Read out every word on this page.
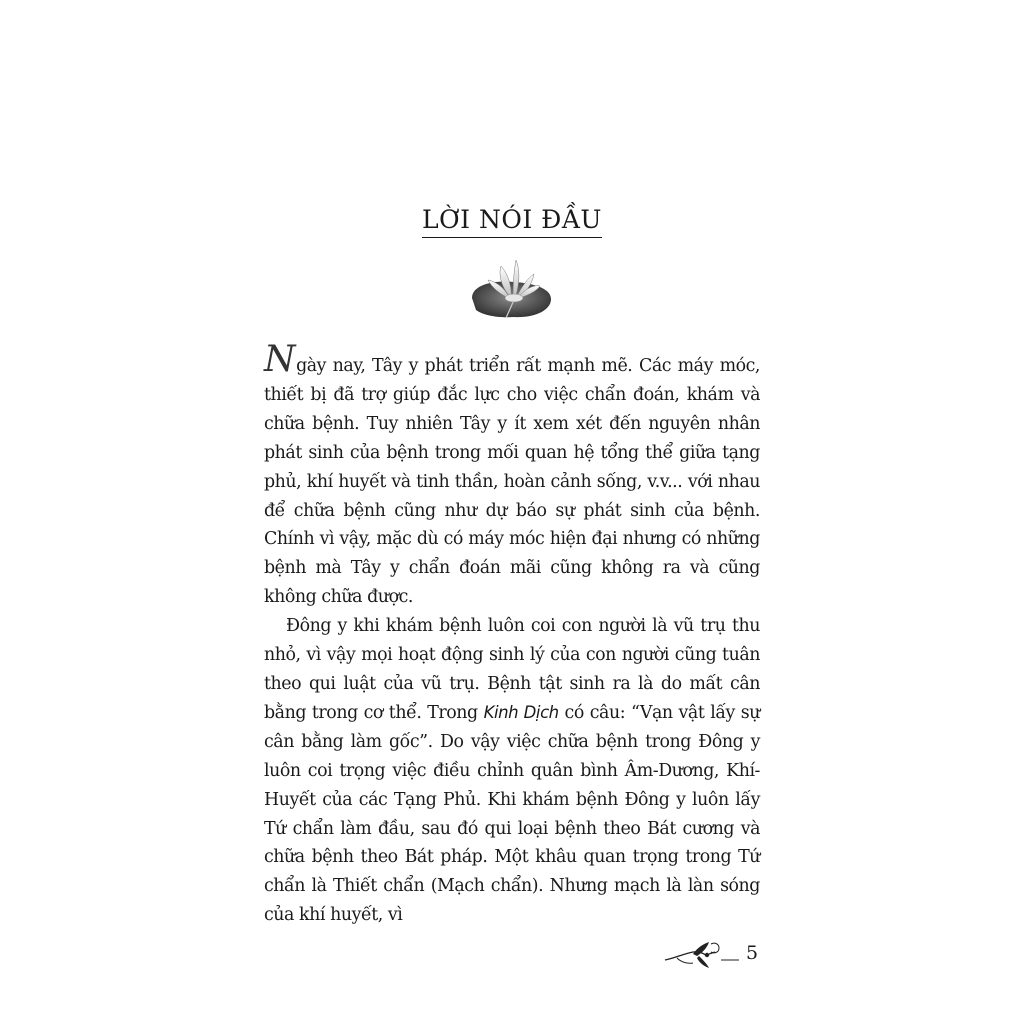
LỜI NÓI ĐẦU

Ngày nay, Tây y phát triển rất mạnh mẽ. Các máy móc, thiết bị đã trợ giúp đắc lực cho việc chẩn đoán, khám và chữa bệnh. Tuy nhiên Tây y ít xem xét đến nguyên nhân phát sinh của bệnh trong mối quan hệ tổng thể giữa tạng phủ, khí huyết và tinh thần, hoàn cảnh sống, v.v... với nhau để chữa bệnh cũng như dự báo sự phát sinh của bệnh. Chính vì vậy, mặc dù có máy móc hiện đại nhưng có những bệnh mà Tây y chẩn đoán mãi cũng không ra và cũng không chữa được.

Đông y khi khám bệnh luôn coi con người là vũ trụ thu nhỏ, vì vậy mọi hoạt động sinh lý của con người cũng tuân theo qui luật của vũ trụ. Bệnh tật sinh ra là do mất cân bằng trong cơ thể. Trong Kinh Dịch có câu: “Vạn vật lấy sự cân bằng làm gốc”. Do vậy việc chữa bệnh trong Đông y luôn coi trọng việc điều chỉnh quân bình Âm-Dương, Khí-Huyết của các Tạng Phủ. Khi khám bệnh Đông y luôn lấy Tứ chẩn làm đầu, sau đó qui loại bệnh theo Bát cương và chữa bệnh theo Bát pháp. Một khâu quan trọng trong Tứ chẩn là Thiết chẩn (Mạch chẩn). Nhưng mạch là làn sóng của khí huyết, vì

5
